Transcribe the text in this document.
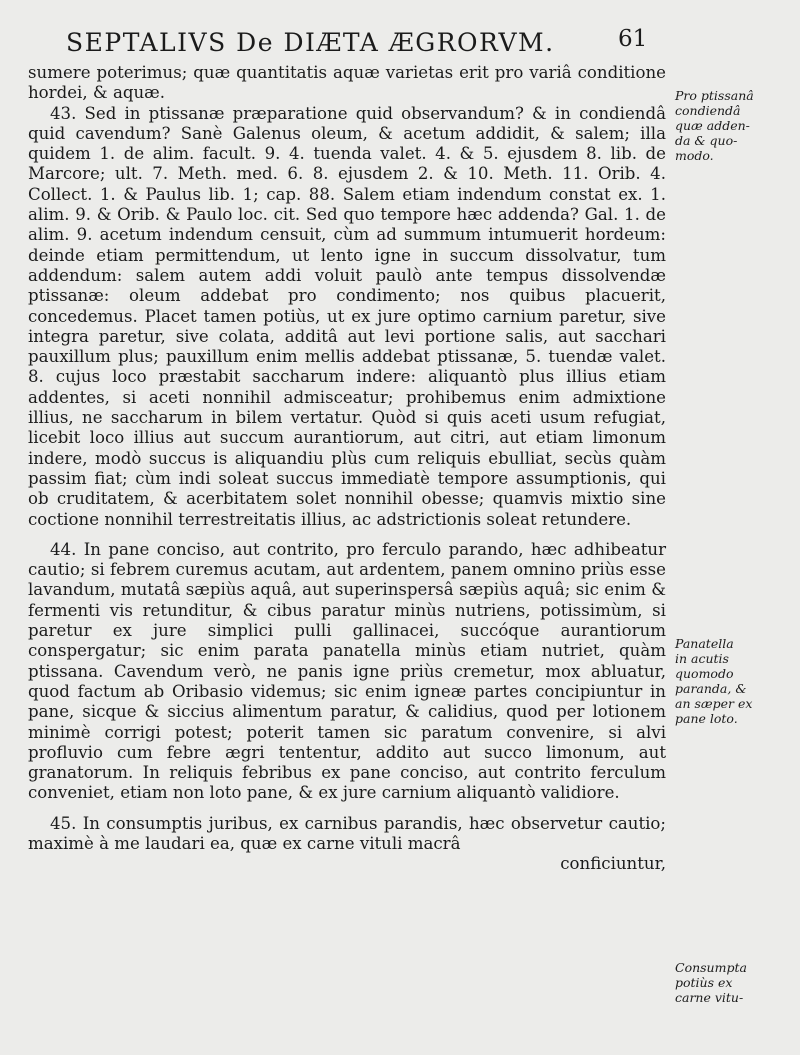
SEPTALIVS De DIÆTA ÆGRORVM.	61

sumere poterimus; quæ quantitatis aquæ varietas erit pro variâ conditione hordei, & aquæ.

43. Sed in ptissanæ præparatione quid observandum? & in condiendâ quid cavendum? Sanè Galenus oleum, & acetum addidit, & salem; illa quidem 1. de alim. facult. 9. 4. tuenda valet. 4. & 5. ejusdem 8. lib. de Marcore; ult. 7. Meth. med. 6. 8. ejusdem 2. & 10. Meth. 11. Orib. 4. Collect. 1. & Paulus lib. 1; cap. 88. Salem etiam indendum constat ex. 1. alim. 9. & Orib. & Paulo loc. cit. Sed quo tempore hæc addenda? Gal. 1. de alim. 9. acetum indendum censuit, cùm ad summum intumuerit hordeum: deinde etiam permittendum, ut lento igne in succum dissolvatur, tum addendum: salem autem addi voluit paulò ante tempus dissolvendæ ptissanæ: oleum addebat pro condimento; nos quibus placuerit, concedemus. Placet tamen potiùs, ut ex jure optimo carnium paretur, sive integra paretur, sive colata, additâ aut levi portione salis, aut sacchari pauxillum plus; pauxillum enim mellis addebat ptissanæ, 5. tuendæ valet. 8. cujus loco præstabit saccharum indere: aliquantò plus illius etiam addentes, si aceti nonnihil admisceatur; prohibemus enim admixtione illius, ne saccharum in bilem vertatur. Quòd si quis aceti usum refugiat, licebit loco illius aut succum aurantiorum, aut citri, aut etiam limonum indere, modò succus is aliquandiu plùs cum reliquis ebulliat, secùs quàm passim fiat; cùm indi soleat succus immediatè tempore assumptionis, qui ob cruditatem, & acerbitatem solet nonnihil obesse; quamvis mixtio sine coctione nonnihil terrestreitatis illius, ac adstrictionis soleat retundere.

44. In pane conciso, aut contrito, pro ferculo parando, hæc adhibeatur cautio; si febrem curemus acutam, aut ardentem, panem omnino priùs esse lavandum, mutatâ sæpiùs aquâ, aut superinspersâ sæpiùs aquâ; sic enim & fermenti vis retunditur, & cibus paratur minùs nutriens, potissimùm, si paretur ex jure simplici pulli gallinacei, succóque aurantiorum conspergatur; sic enim parata panatella minùs etiam nutriet, quàm ptissana. Cavendum verò, ne panis igne priùs cremetur, mox abluatur, quod factum ab Oribasio videmus; sic enim igneæ partes concipiuntur in pane, sicque & siccius alimentum paratur, & calidius, quod per lotionem minimè corrigi potest; poterit tamen sic paratum convenire, si alvi profluvio cum febre ægri tententur, addito aut succo limonum, aut granatorum. In reliquis febribus ex pane conciso, aut contrito ferculum conveniet, etiam non loto pane, & ex jure carnium aliquantò validiore.

45. In consumptis juribus, ex carnibus parandis, hæc observetur cautio; maximè à me laudari ea, quæ ex carne vituli macrâ

conficiuntur,

Pro ptissanâ
condiendâ
quæ adden-
da & quo-
modo.
Panatella
in acutis
quomodo
paranda, &
an sæper ex
pane loto.
Consumpta
potiùs ex
carne vitu-
